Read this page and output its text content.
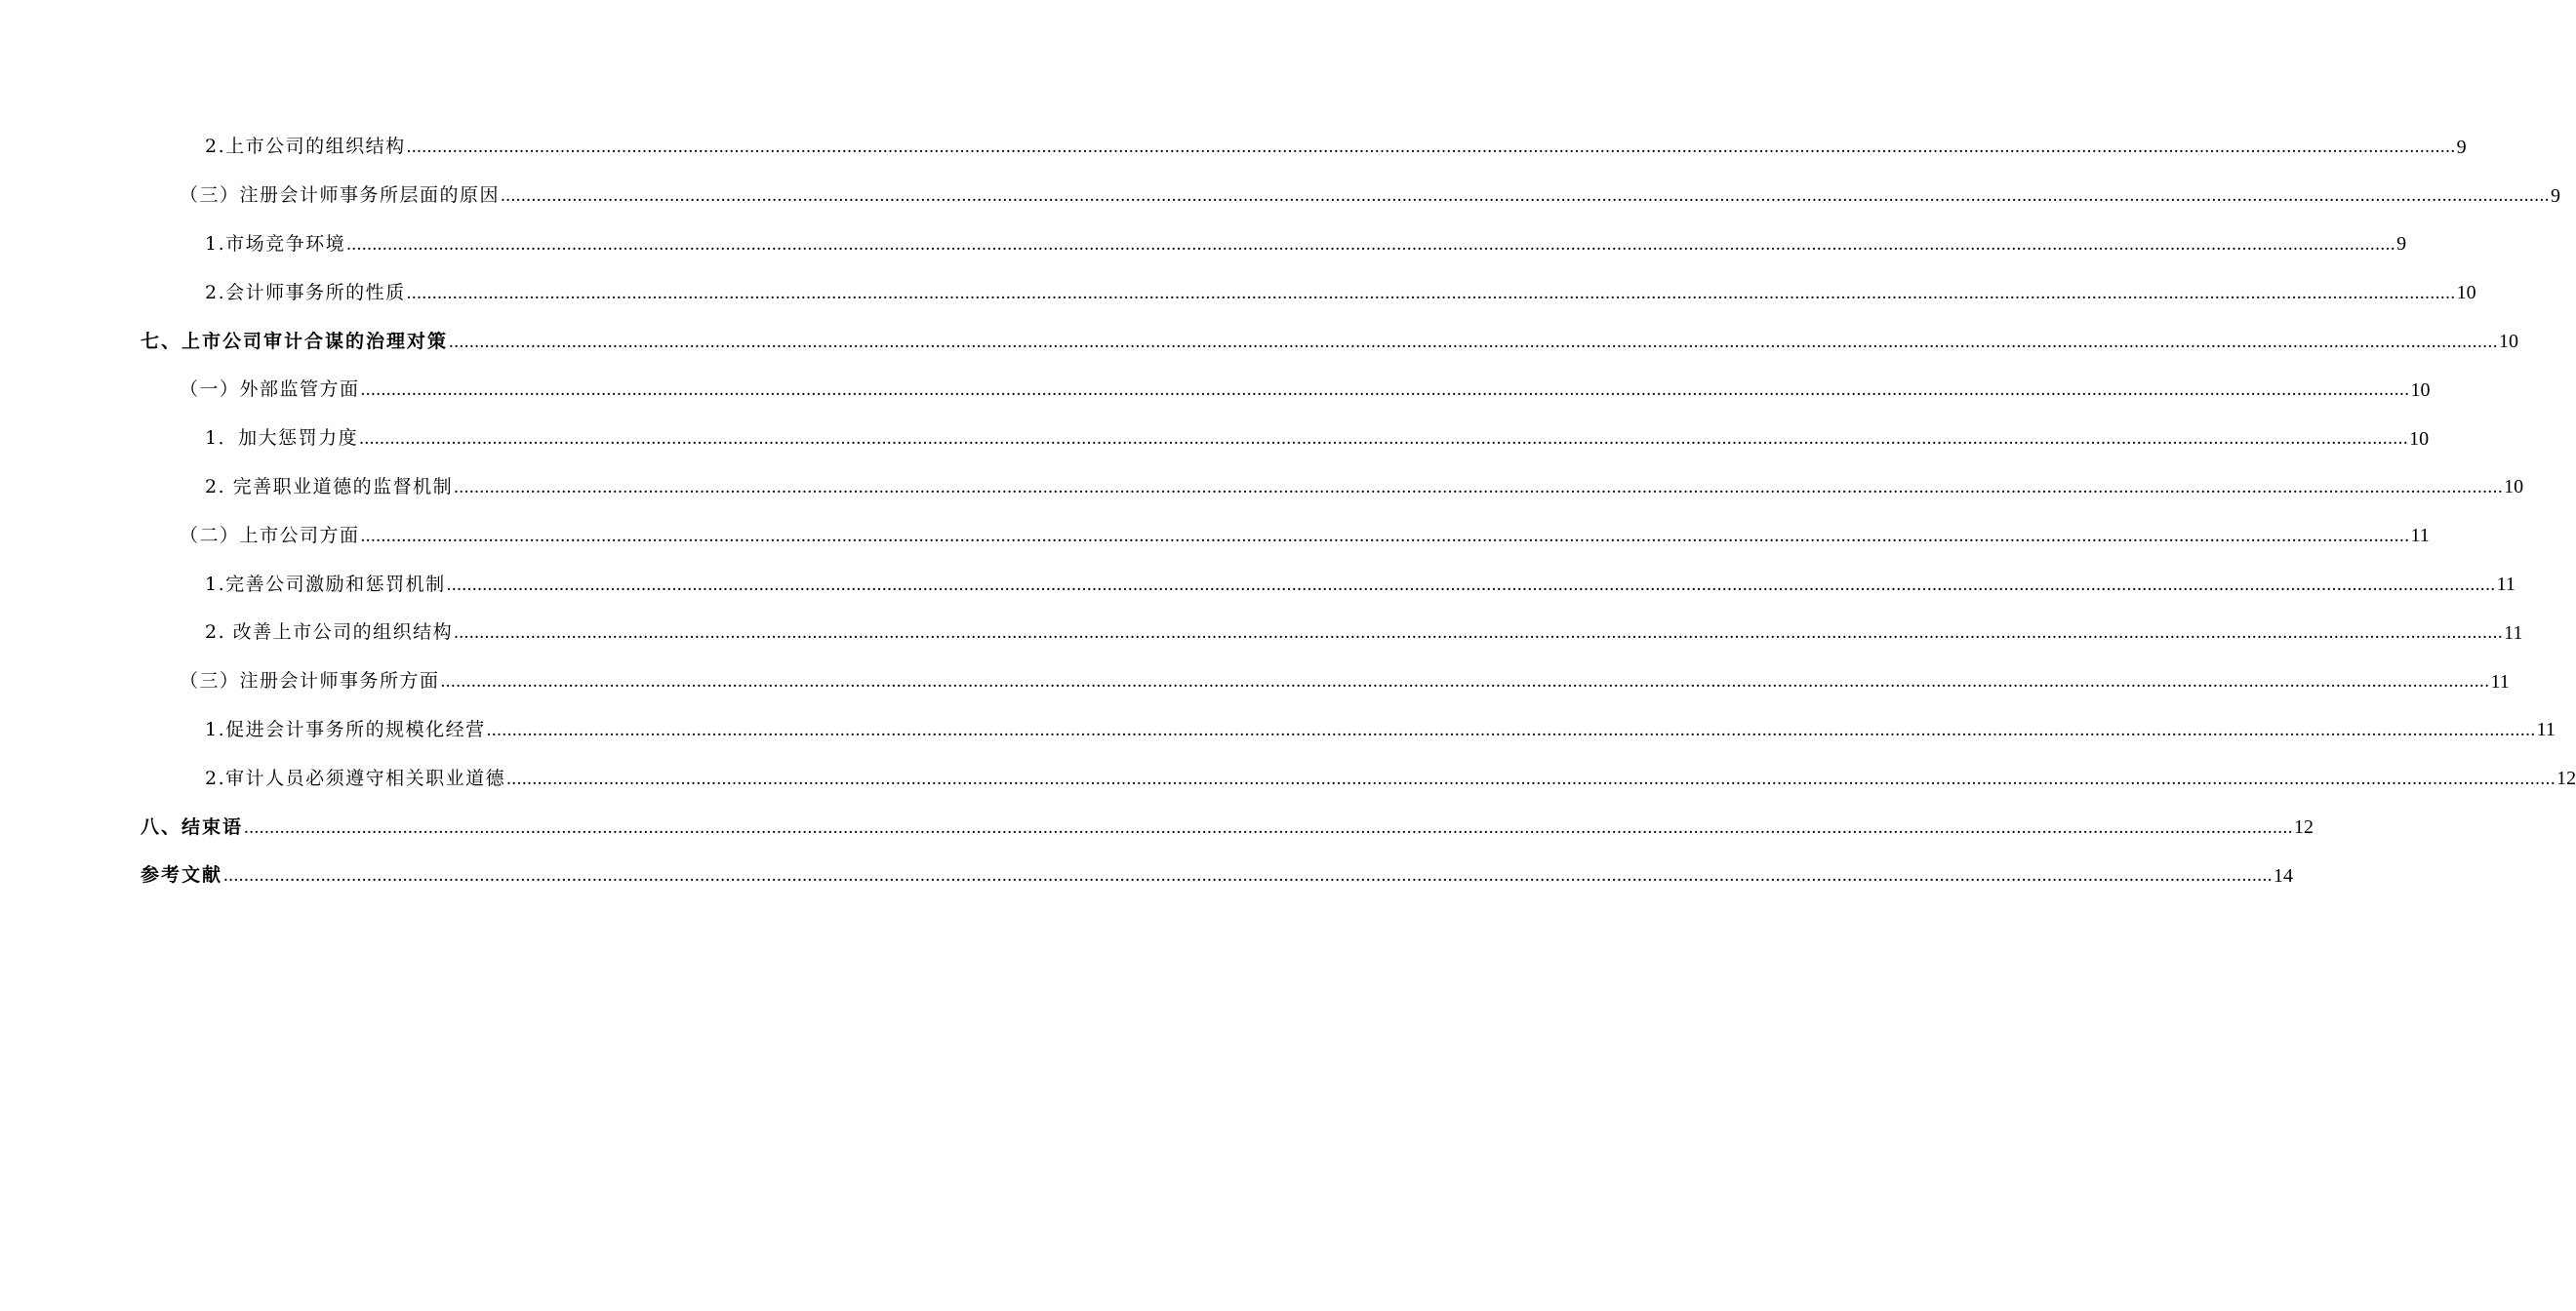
2.上市公司的组织结构 ................................................................................................................................................................................................................................................................................................................................................................................................................ 9
（三）注册会计师事务所层面的原因 ................................................................................................................................................................................................................................................................................................................................................................................................................ 9
1.市场竞争环境 ................................................................................................................................................................................................................................................................................................................................................................................................................ 9
2.会计师事务所的性质 ................................................................................................................................................................................................................................................................................................................................................................................................................ 10
七、上市公司审计合谋的治理对策 ................................................................................................................................................................................................................................................................................................................................................................................................................ 10
（一）外部监管方面 ................................................................................................................................................................................................................................................................................................................................................................................................................ 10
1．加大惩罚力度 ................................................................................................................................................................................................................................................................................................................................................................................................................ 10
2. 完善职业道德的监督机制 ................................................................................................................................................................................................................................................................................................................................................................................................................ 10
（二）上市公司方面 ................................................................................................................................................................................................................................................................................................................................................................................................................ 11
1.完善公司激励和惩罚机制 ................................................................................................................................................................................................................................................................................................................................................................................................................ 11
2. 改善上市公司的组织结构 ................................................................................................................................................................................................................................................................................................................................................................................................................ 11
（三）注册会计师事务所方面 ................................................................................................................................................................................................................................................................................................................................................................................................................ 11
1.促进会计事务所的规模化经营 ................................................................................................................................................................................................................................................................................................................................................................................................................ 11
2.审计人员必须遵守相关职业道德 ................................................................................................................................................................................................................................................................................................................................................................................................................ 12
八、结束语 ................................................................................................................................................................................................................................................................................................................................................................................................................ 12
参考文献 ................................................................................................................................................................................................................................................................................................................................................................................................................ 14
